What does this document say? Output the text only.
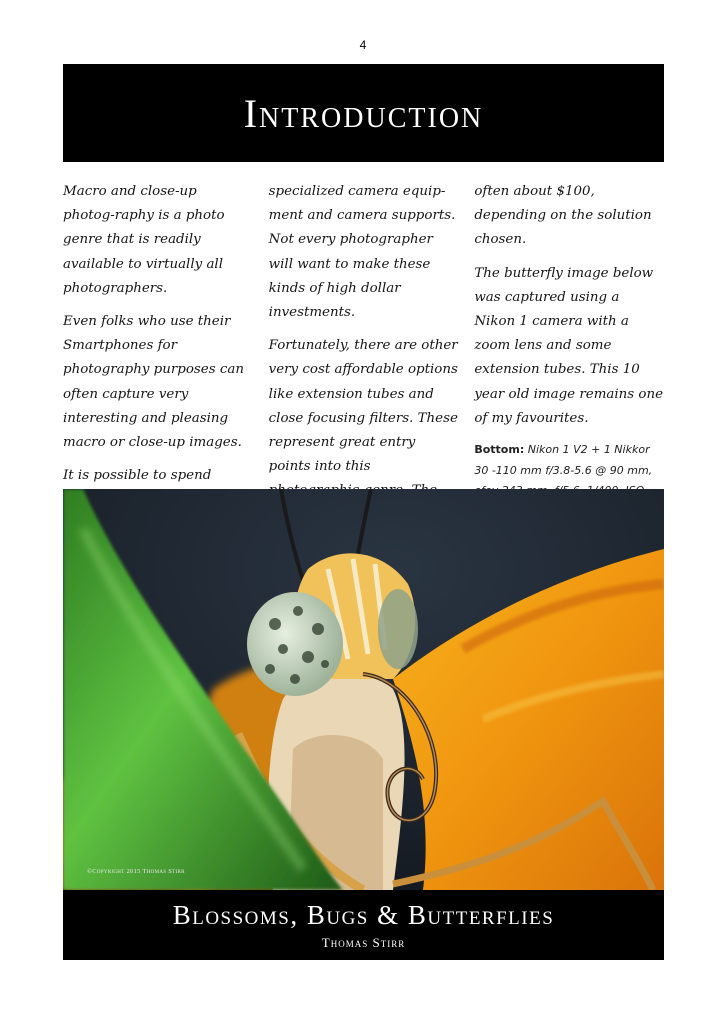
4
Introduction

Macro and close-up photog-raphy is a photo genre that is readily available to virtually all photographers.

Even folks who use their Smartphones for photography purposes can often capture very interesting and pleasing macro or close-up images.

It is possible to spend

specialized camera equip-ment and camera supports. Not every photographer will want to make these kinds of high dollar investments.

Fortunately, there are other very cost affordable options like extension tubes and close focusing filters. These represent great entry points into this

often about $100, depending on the solution chosen.

The butterfly image below was captured using a Nikon 1 camera with a zoom lens and some extension tubes. This 10 year old image remains one of my favourites.

Bottom: Nikon 1 V2 + 1 Nikkor 30 -110 mm f/3.8-5.6 @ 90 mm,
©Copyright 2015 Thomas Stirr
Blossoms, Bugs & Butterflies
Thomas Stirr
